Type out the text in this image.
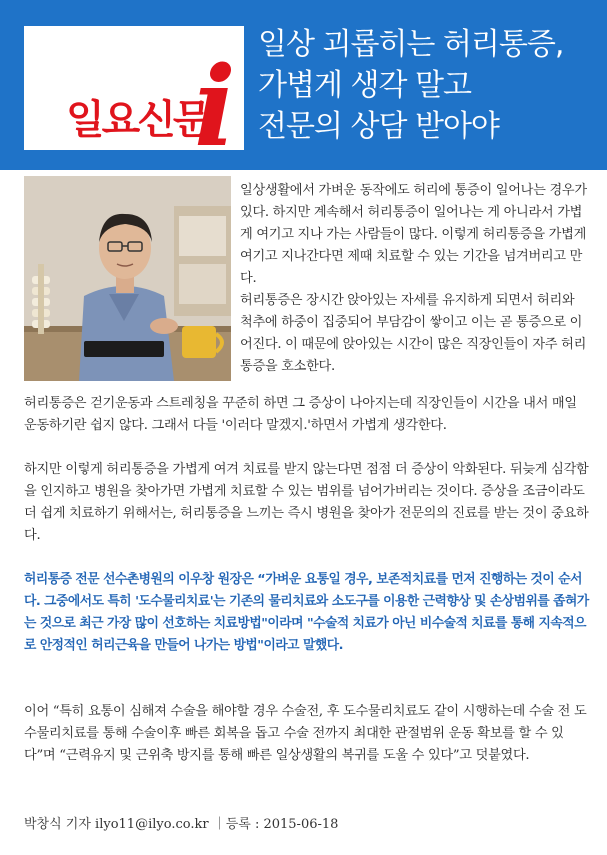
일요신문
i 일상 괴롭히는 허리통증,
가볍게 생각 말고
전문의 상담 받아야

일상생활에서 가벼운 동작에도 허리에 통증이 일어나는 경우가 있다. 하지만 계속해서 허리통증이 일어나는 게 아니라서 가볍게 여기고 지나 가는 사람들이 많다. 이렇게 허리통증을 가볍게 여기고 지나간다면 제때 치료할 수 있는 기간을 넘겨버리고 만다.

허리통증은 장시간 앉아있는 자세를 유지하게 되면서 허리와 척추에 하중이 집중되어 부담감이 쌓이고 이는 곧 통증으로 이어진다. 이 때문에 앉아있는 시간이 많은 직장인들이 자주 허리통증을 호소한다.

허리통증은 걷기운동과 스트레칭을 꾸준히 하면 그 증상이 나아지는데 직장인들이 시간을 내서 매일 운동하기란 쉽지 않다. 그래서 다들 '이러다 말겠지.'하면서 가볍게 생각한다.

하지만 이렇게 허리통증을 가볍게 여겨 치료를 받지 않는다면 점점 더 증상이 악화된다. 뒤늦게 심각함을 인지하고 병원을 찾아가면 가볍게 치료할 수 있는 범위를 넘어가버리는 것이다. 증상을 조금이라도 더 쉽게 치료하기 위해서는, 허리통증을 느끼는 즉시 병원을 찾아가 전문의의 진료를 받는 것이 중요하다.

허리통증 전문 선수촌병원의 이우창 원장은 “가벼운 요통일 경우, 보존적치료를 먼저 진행하는 것이 순서다. 그중에서도 특히 '도수물리치료'는 기존의 물리치료와 소도구를 이용한 근력향상 및 손상범위를 좁혀가는 것으로 최근 가장 많이 선호하는 치료방법"이라며 "수술적 치료가 아닌 비수술적 치료를 통해 지속적으로 안정적인 허리근육을 만들어 나가는 방법"이라고 말했다.

이어 “특히 요통이 심해져 수술을 해야할 경우 수술전, 후 도수물리치료도 같이 시행하는데 수술 전 도수물리치료를 통해 수술이후 빠른 회복을 돕고 수술 전까지 최대한 관절범위 운동 확보를 할 수 있다”며 “근력유지 및 근위축 방지를 통해 빠른 일상생활의 복귀를 도울 수 있다”고 덧붙였다.

박창식 기자 ilyo11@ilyo.co.kr ｜등록 : 2015-06-18
